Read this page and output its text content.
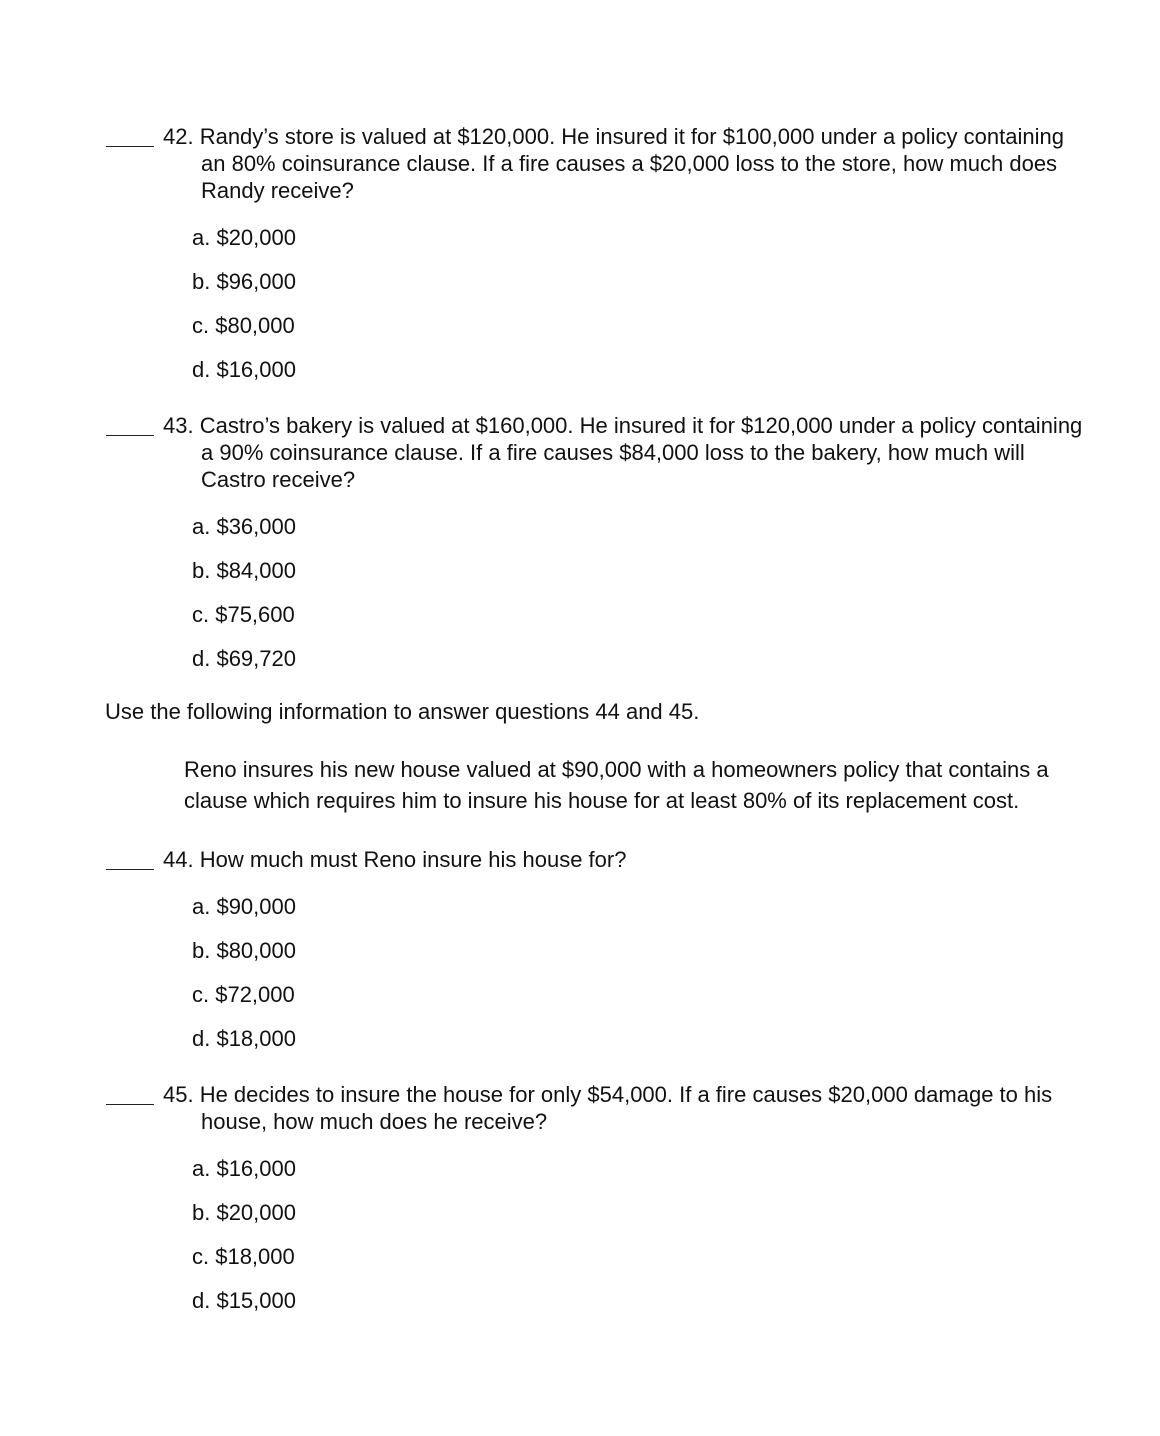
42. Randy’s store is valued at $120,000. He insured it for $100,000 under a policy containing
an 80% coinsurance clause. If a fire causes a $20,000 loss to the store, how much does
Randy receive?
a. $20,000
b. $96,000
c. $80,000
d. $16,000
43. Castro’s bakery is valued at $160,000. He insured it for $120,000 under a policy containing
a 90% coinsurance clause. If a fire causes $84,000 loss to the bakery, how much will
Castro receive?
a. $36,000
b. $84,000
c. $75,600
d. $69,720
Use the following information to answer questions 44 and 45.
Reno insures his new house valued at $90,000 with a homeowners policy that contains a
clause which requires him to insure his house for at least 80% of its replacement cost.
44. How much must Reno insure his house for?
a. $90,000
b. $80,000
c. $72,000
d. $18,000
45. He decides to insure the house for only $54,000. If a fire causes $20,000 damage to his
house, how much does he receive?
a. $16,000
b. $20,000
c. $18,000
d. $15,000
